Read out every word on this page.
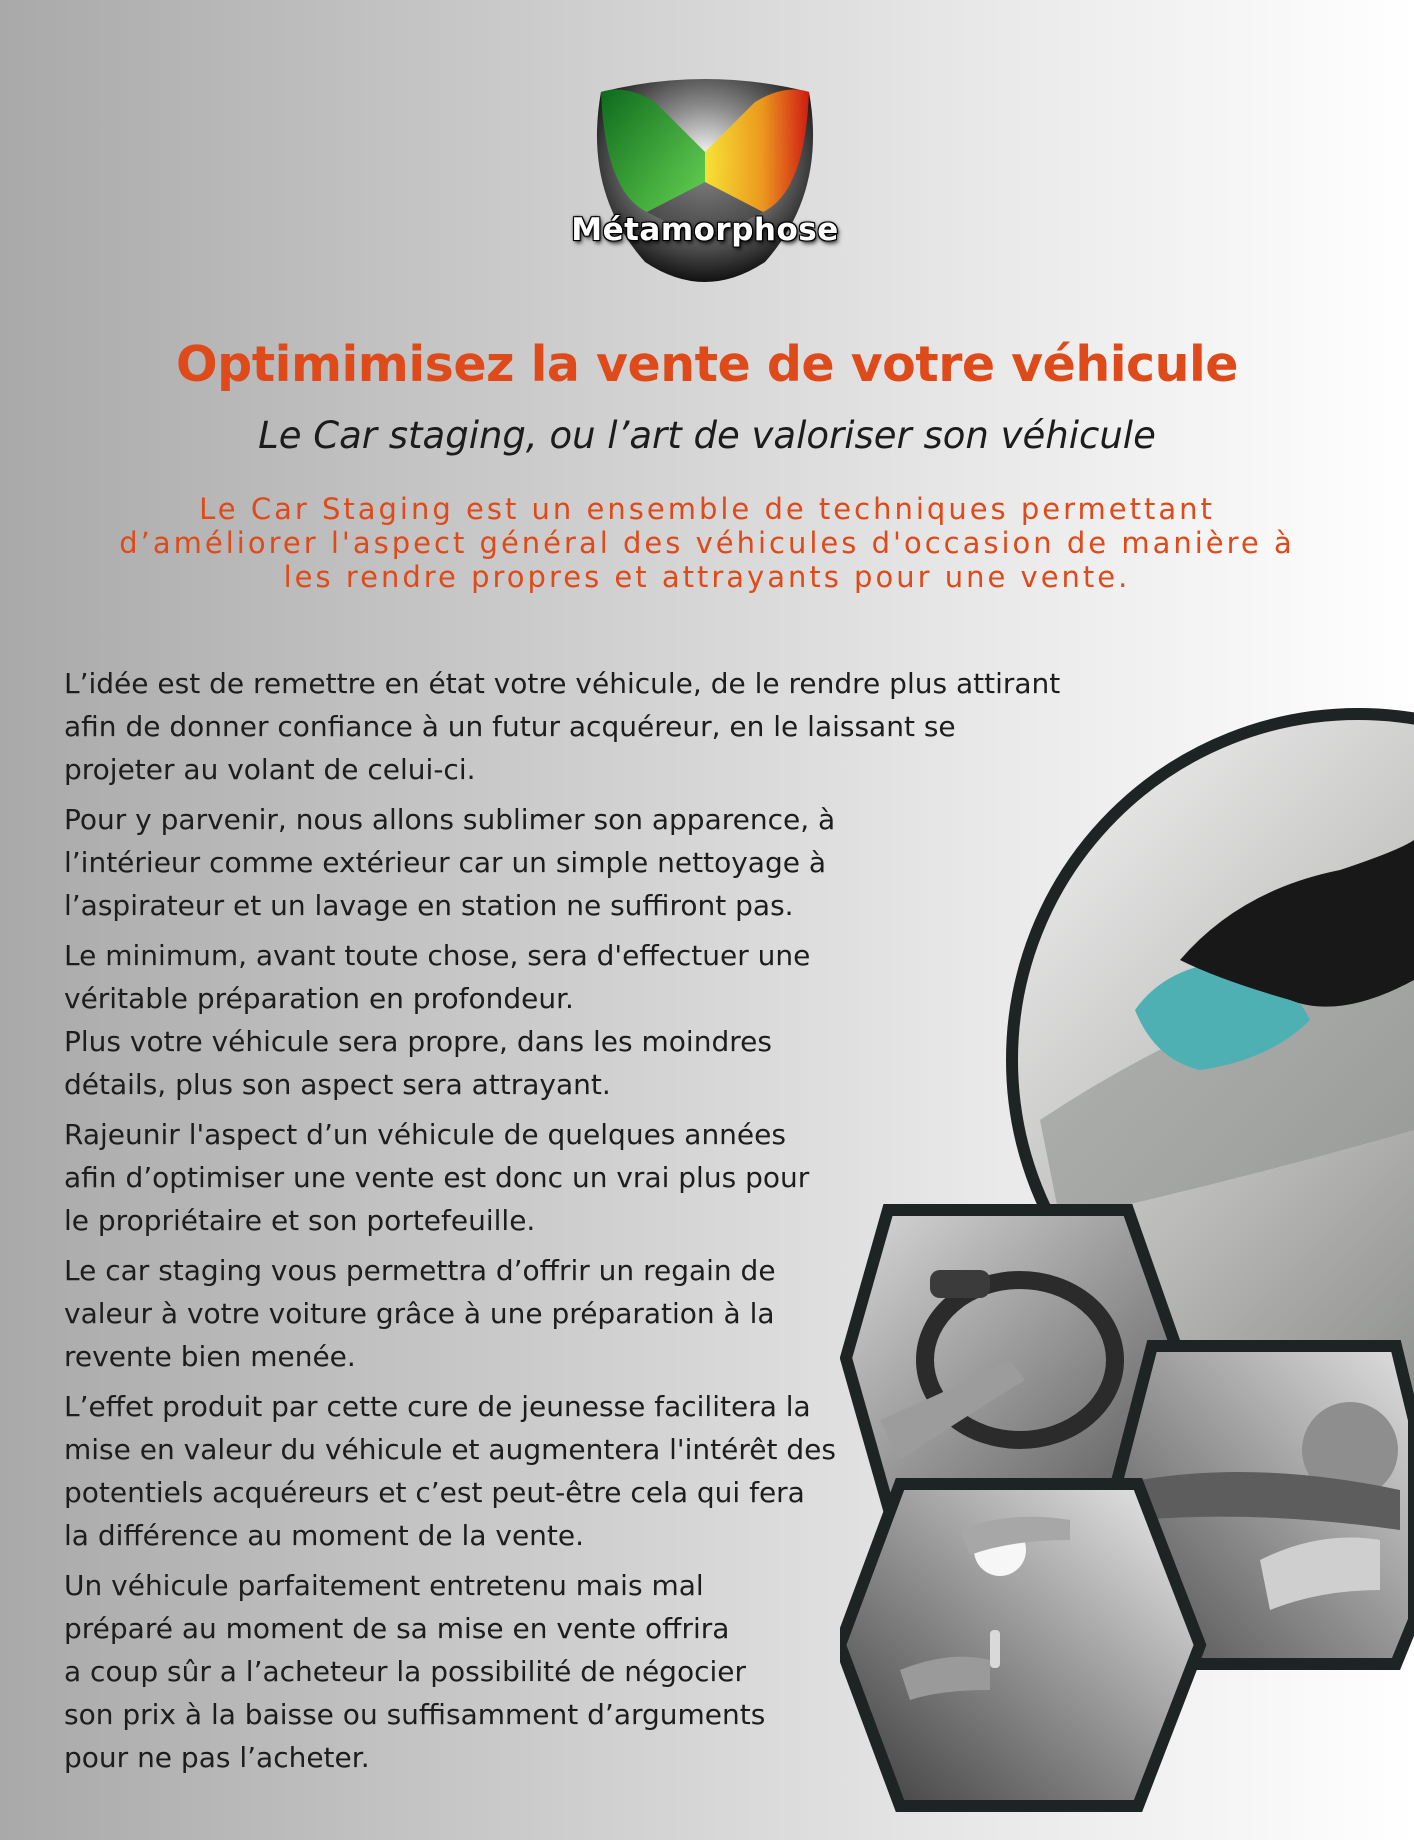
Métamorphose
Optimimisez la vente de votre véhicule
Le Car staging, ou l’art de valoriser son véhicule
Le Car Staging est un ensemble de techniques permettant d’améliorer l'aspect général des véhicules d'occasion de manière à les rendre propres et attrayants pour une vente.

L’idée est de remettre en état votre véhicule, de le rendre plus attirant
afin de donner confiance à un futur acquéreur, en le laissant se
projeter au volant de celui-ci.

Pour y parvenir, nous allons sublimer son apparence, à
l’intérieur comme extérieur car un simple nettoyage à
l’aspirateur et un lavage en station ne suffiront pas.

Le minimum, avant toute chose, sera d'effectuer une
véritable préparation en profondeur.
Plus votre véhicule sera propre, dans les moindres
détails, plus son aspect sera attrayant.

Rajeunir l'aspect d’un véhicule de quelques années
afin d’optimiser une vente est donc un vrai plus pour
le propriétaire et son portefeuille.

Le car staging vous permettra d’offrir un regain de
valeur à votre voiture grâce à une préparation à la
revente bien menée.

L’effet produit par cette cure de jeunesse facilitera la
mise en valeur du véhicule et augmentera l'intérêt des
potentiels acquéreurs et c’est peut-être cela qui fera
la différence au moment de la vente.

Un véhicule parfaitement entretenu mais mal
préparé au moment de sa mise en vente offrira
a coup sûr a l’acheteur la possibilité de négocier
son prix à la baisse ou suffisamment d’arguments
pour ne pas l’acheter.
